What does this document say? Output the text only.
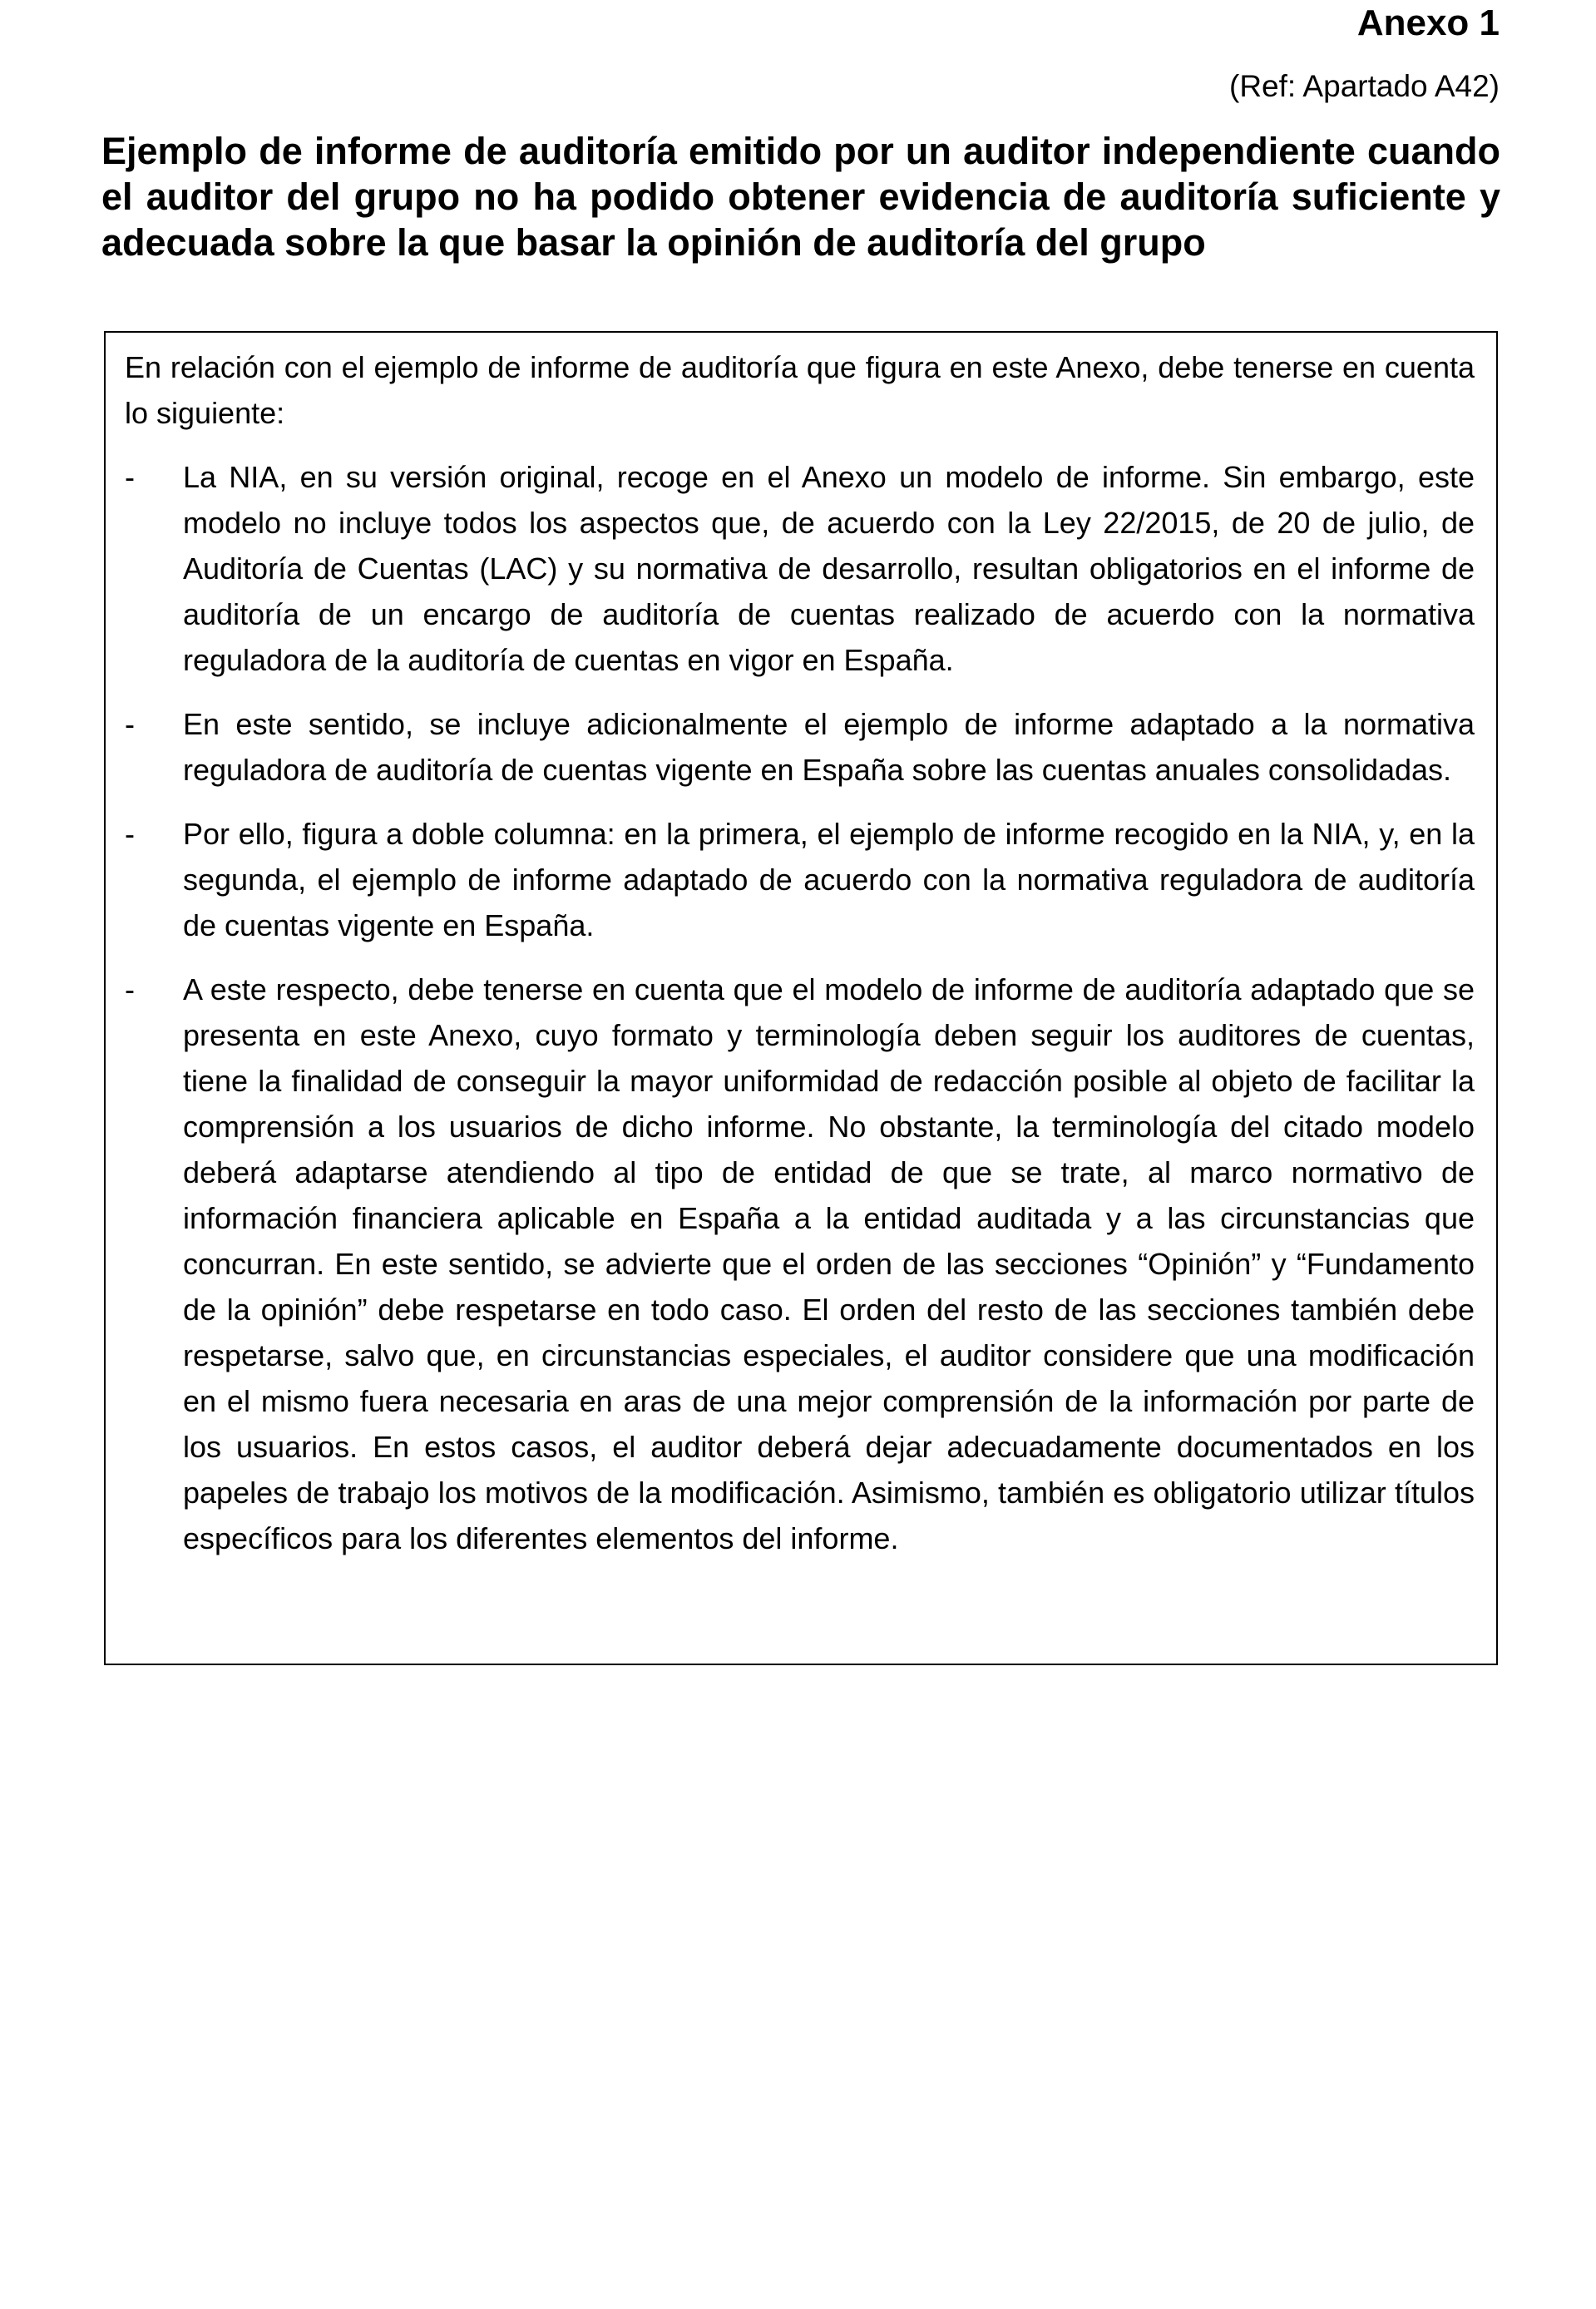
Anexo 1
(Ref: Apartado A42)
Ejemplo de informe de auditoría emitido por un auditor independiente cuando el auditor del grupo no ha podido obtener evidencia de auditoría suficiente y adecuada sobre la que basar la opinión de auditoría del grupo

En relación con el ejemplo de informe de auditoría que figura en este Anexo, debe tenerse en cuenta lo siguiente:

-	La NIA, en su versión original, recoge en el Anexo un modelo de informe. Sin embargo, este modelo no incluye todos los aspectos que, de acuerdo con la Ley 22/2015, de 20 de julio, de Auditoría de Cuentas (LAC) y su normativa de desarrollo, resultan obligatorios en el informe de auditoría de un encargo de auditoría de cuentas realizado de acuerdo con la normativa reguladora de la auditoría de cuentas en vigor en España.
-	En este sentido, se incluye adicionalmente el ejemplo de informe adaptado a la normativa reguladora de auditoría de cuentas vigente en España sobre las cuentas anuales consolidadas.
-	Por ello, figura a doble columna: en la primera, el ejemplo de informe recogido en la NIA, y, en la segunda, el ejemplo de informe adaptado de acuerdo con la normativa reguladora de auditoría de cuentas vigente en España.
-	A este respecto, debe tenerse en cuenta que el modelo de informe de auditoría adaptado que se presenta en este Anexo, cuyo formato y terminología deben seguir los auditores de cuentas, tiene la finalidad de conseguir la mayor uniformidad de redacción posible al objeto de facilitar la comprensión a los usuarios de dicho informe. No obstante, la terminología del citado modelo deberá adaptarse atendiendo al tipo de entidad de que se trate, al marco normativo de información financiera aplicable en España a la entidad auditada y a las circunstancias que concurran. En este sentido, se advierte que el orden de las secciones “Opinión” y “Fundamento de la opinión” debe respetarse en todo caso. El orden del resto de las secciones también debe respetarse, salvo que, en circunstancias especiales, el auditor considere que una modificación en el mismo fuera necesaria en aras de una mejor comprensión de la información por parte de los usuarios. En estos casos, el auditor deberá dejar adecuadamente documentados en los papeles de trabajo los motivos de la modificación. Asimismo, también es obligatorio utilizar títulos específicos para los diferentes elementos del informe.
